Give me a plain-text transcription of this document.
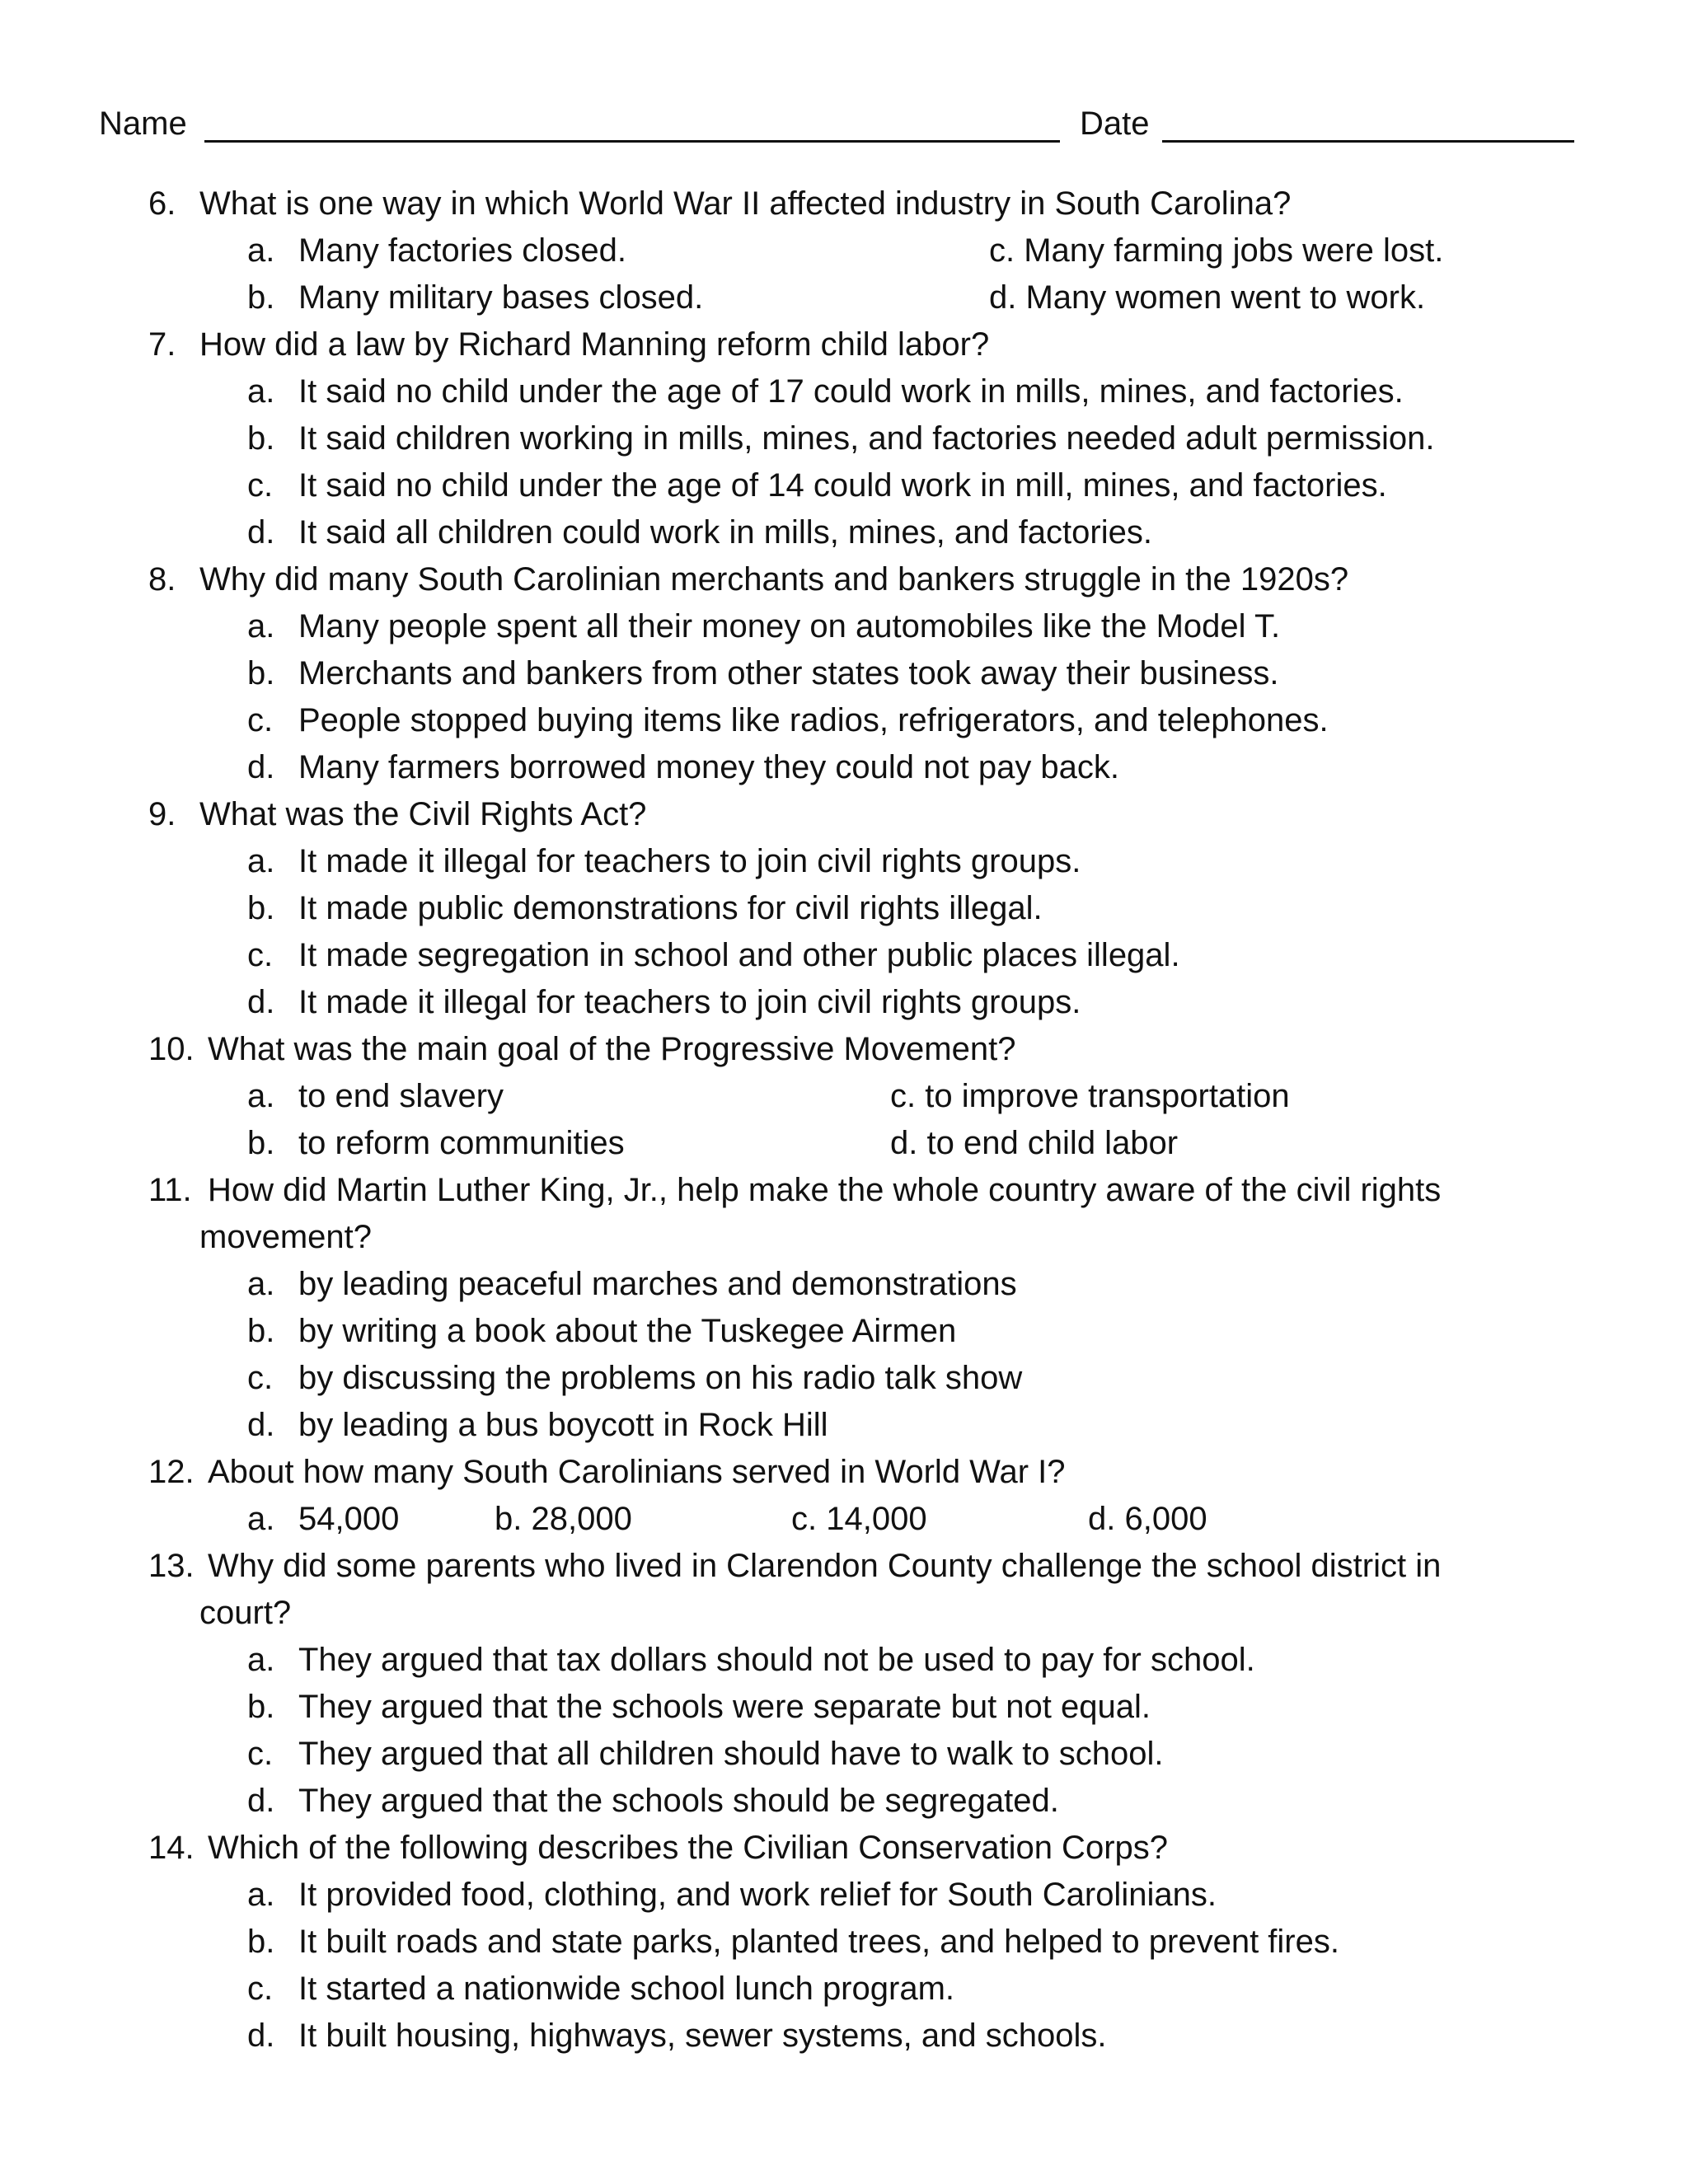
Name	Date
6. What is one way in which World War II affected industry in South Carolina?
a. Many factories closed.
b. Many military bases closed.
c. Many farming jobs were lost.
d. Many women went to work.
7. How did a law by Richard Manning reform child labor?
a. It said no child under the age of 17 could work in mills, mines, and factories.
b. It said children working in mills, mines, and factories needed adult permission.
c. It said no child under the age of 14 could work in mill, mines, and factories.
d. It said all children could work in mills, mines, and factories.
8. Why did many South Carolinian merchants and bankers struggle in the 1920s?
a. Many people spent all their money on automobiles like the Model T.
b. Merchants and bankers from other states took away their business.
c. People stopped buying items like radios, refrigerators, and telephones.
d. Many farmers borrowed money they could not pay back.
9. What was the Civil Rights Act?
a. It made it illegal for teachers to join civil rights groups.
b. It made public demonstrations for civil rights illegal.
c. It made segregation in school and other public places illegal.
d. It made it illegal for teachers to join civil rights groups.
10. What was the main goal of the Progressive Movement?
a. to end slavery
b. to reform communities
c. to improve transportation
d. to end child labor
11. How did Martin Luther King, Jr., help make the whole country aware of the civil rights
movement?
a. by leading peaceful marches and demonstrations
b. by writing a book about the Tuskegee Airmen
c. by discussing the problems on his radio talk show
d. by leading a bus boycott in Rock Hill
12. About how many South Carolinians served in World War I?
a. 54,000	b. 28,000	c. 14,000	d. 6,000
13. Why did some parents who lived in Clarendon County challenge the school district in
court?
a. They argued that tax dollars should not be used to pay for school.
b. They argued that the schools were separate but not equal.
c. They argued that all children should have to walk to school.
d. They argued that the schools should be segregated.
14. Which of the following describes the Civilian Conservation Corps?
a. It provided food, clothing, and work relief for South Carolinians.
b. It built roads and state parks, planted trees, and helped to prevent fires.
c. It started a nationwide school lunch program.
d. It built housing, highways, sewer systems, and schools.
